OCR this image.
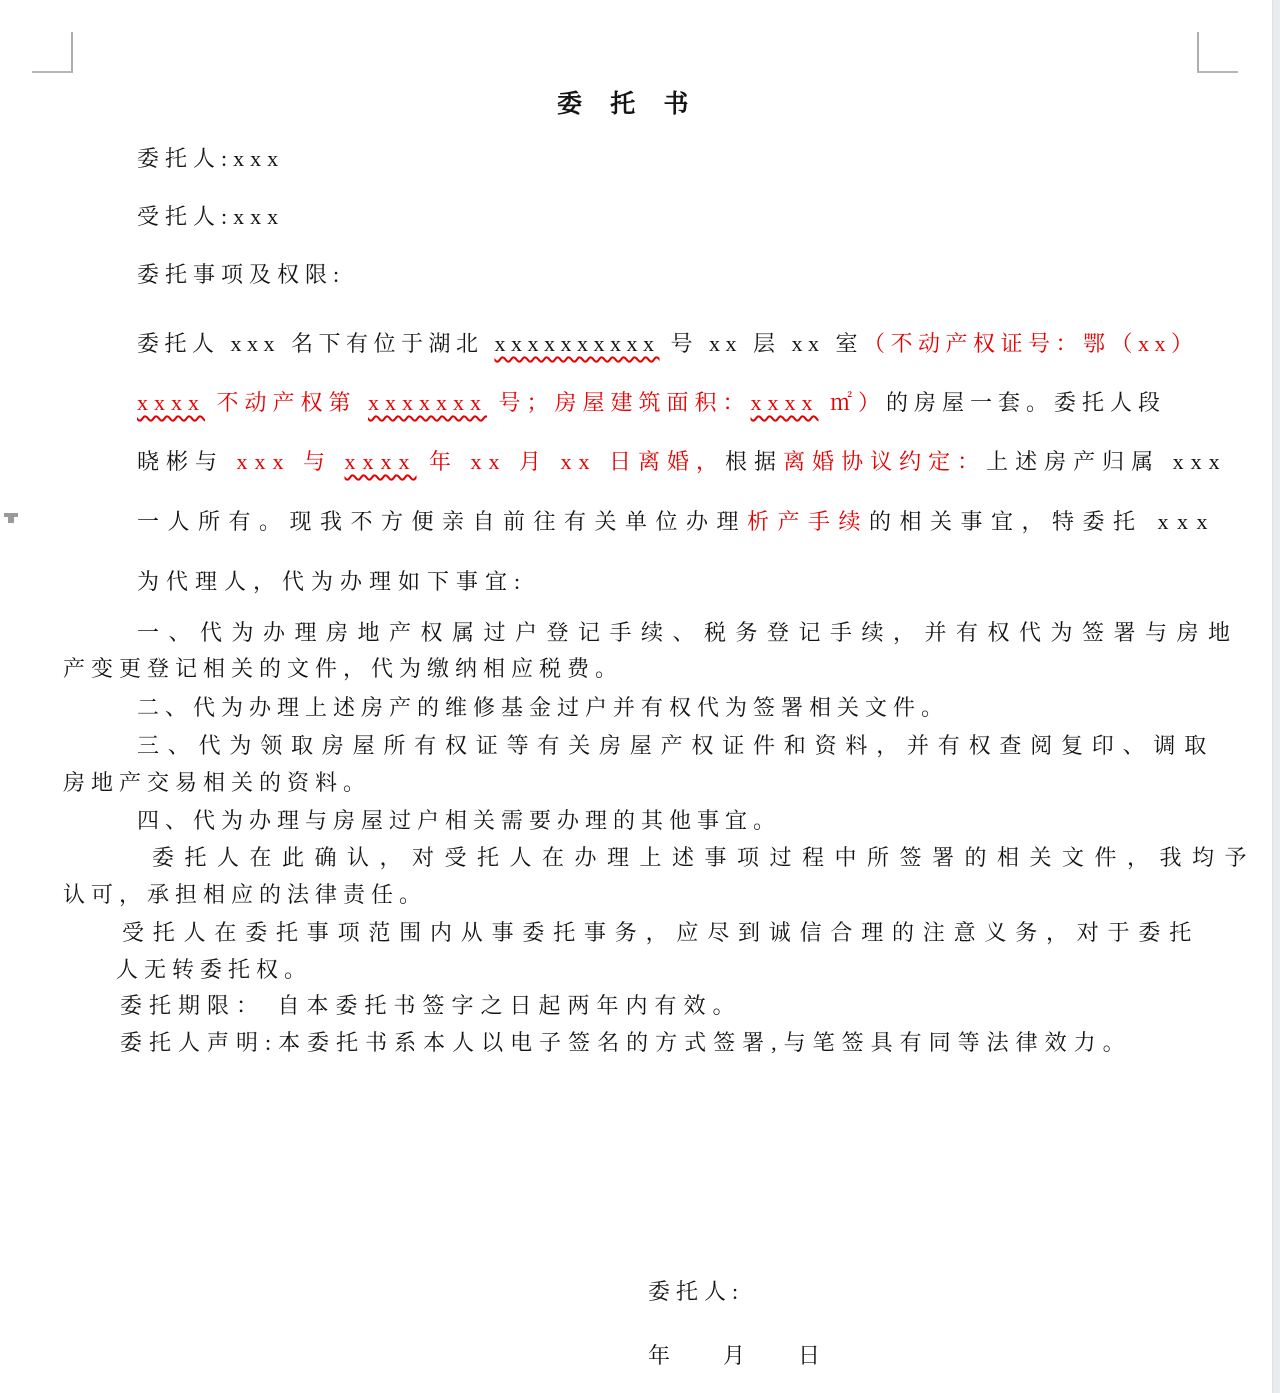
委 托 书
委托人:xxx
受托人:xxx
委托事项及权限:
委托人 xxx 名下有位于湖北 xxxxxxxxxx 号 xx 层 xx 室（不动产权证号：鄂（xx）
xxxx 不动产权第 xxxxxxx 号；房屋建筑面积：xxxx ㎡）的房屋一套。委托人段
晓彬与 xxx 与 xxxx 年 xx 月 xx 日离婚，根据离婚协议约定：上述房产归属 xxx
一人所有。现我不方便亲自前往有关单位办理析产手续的相关事宜，特委托 xxx
为代理人，代为办理如下事宜:
一、代为办理房地产权属过户登记手续、税务登记手续，并有权代为签署与房地
产变更登记相关的文件，代为缴纳相应税费。
二、代为办理上述房产的维修基金过户并有权代为签署相关文件。
三、代为领取房屋所有权证等有关房屋产权证件和资料，并有权查阅复印、调取
房地产交易相关的资料。
四、代为办理与房屋过户相关需要办理的其他事宜。
委托人在此确认，对受托人在办理上述事项过程中所签署的相关文件，我均予
认可，承担相应的法律责任。
受托人在委托事项范围内从事委托事务，应尽到诚信合理的注意义务，对于委托
人无转委托权。
委托期限： 自本委托书签字之日起两年内有效。
委托人声明:本委托书系本人以电子签名的方式签署,与笔签具有同等法律效力。
委托人:
年　　月　　日
